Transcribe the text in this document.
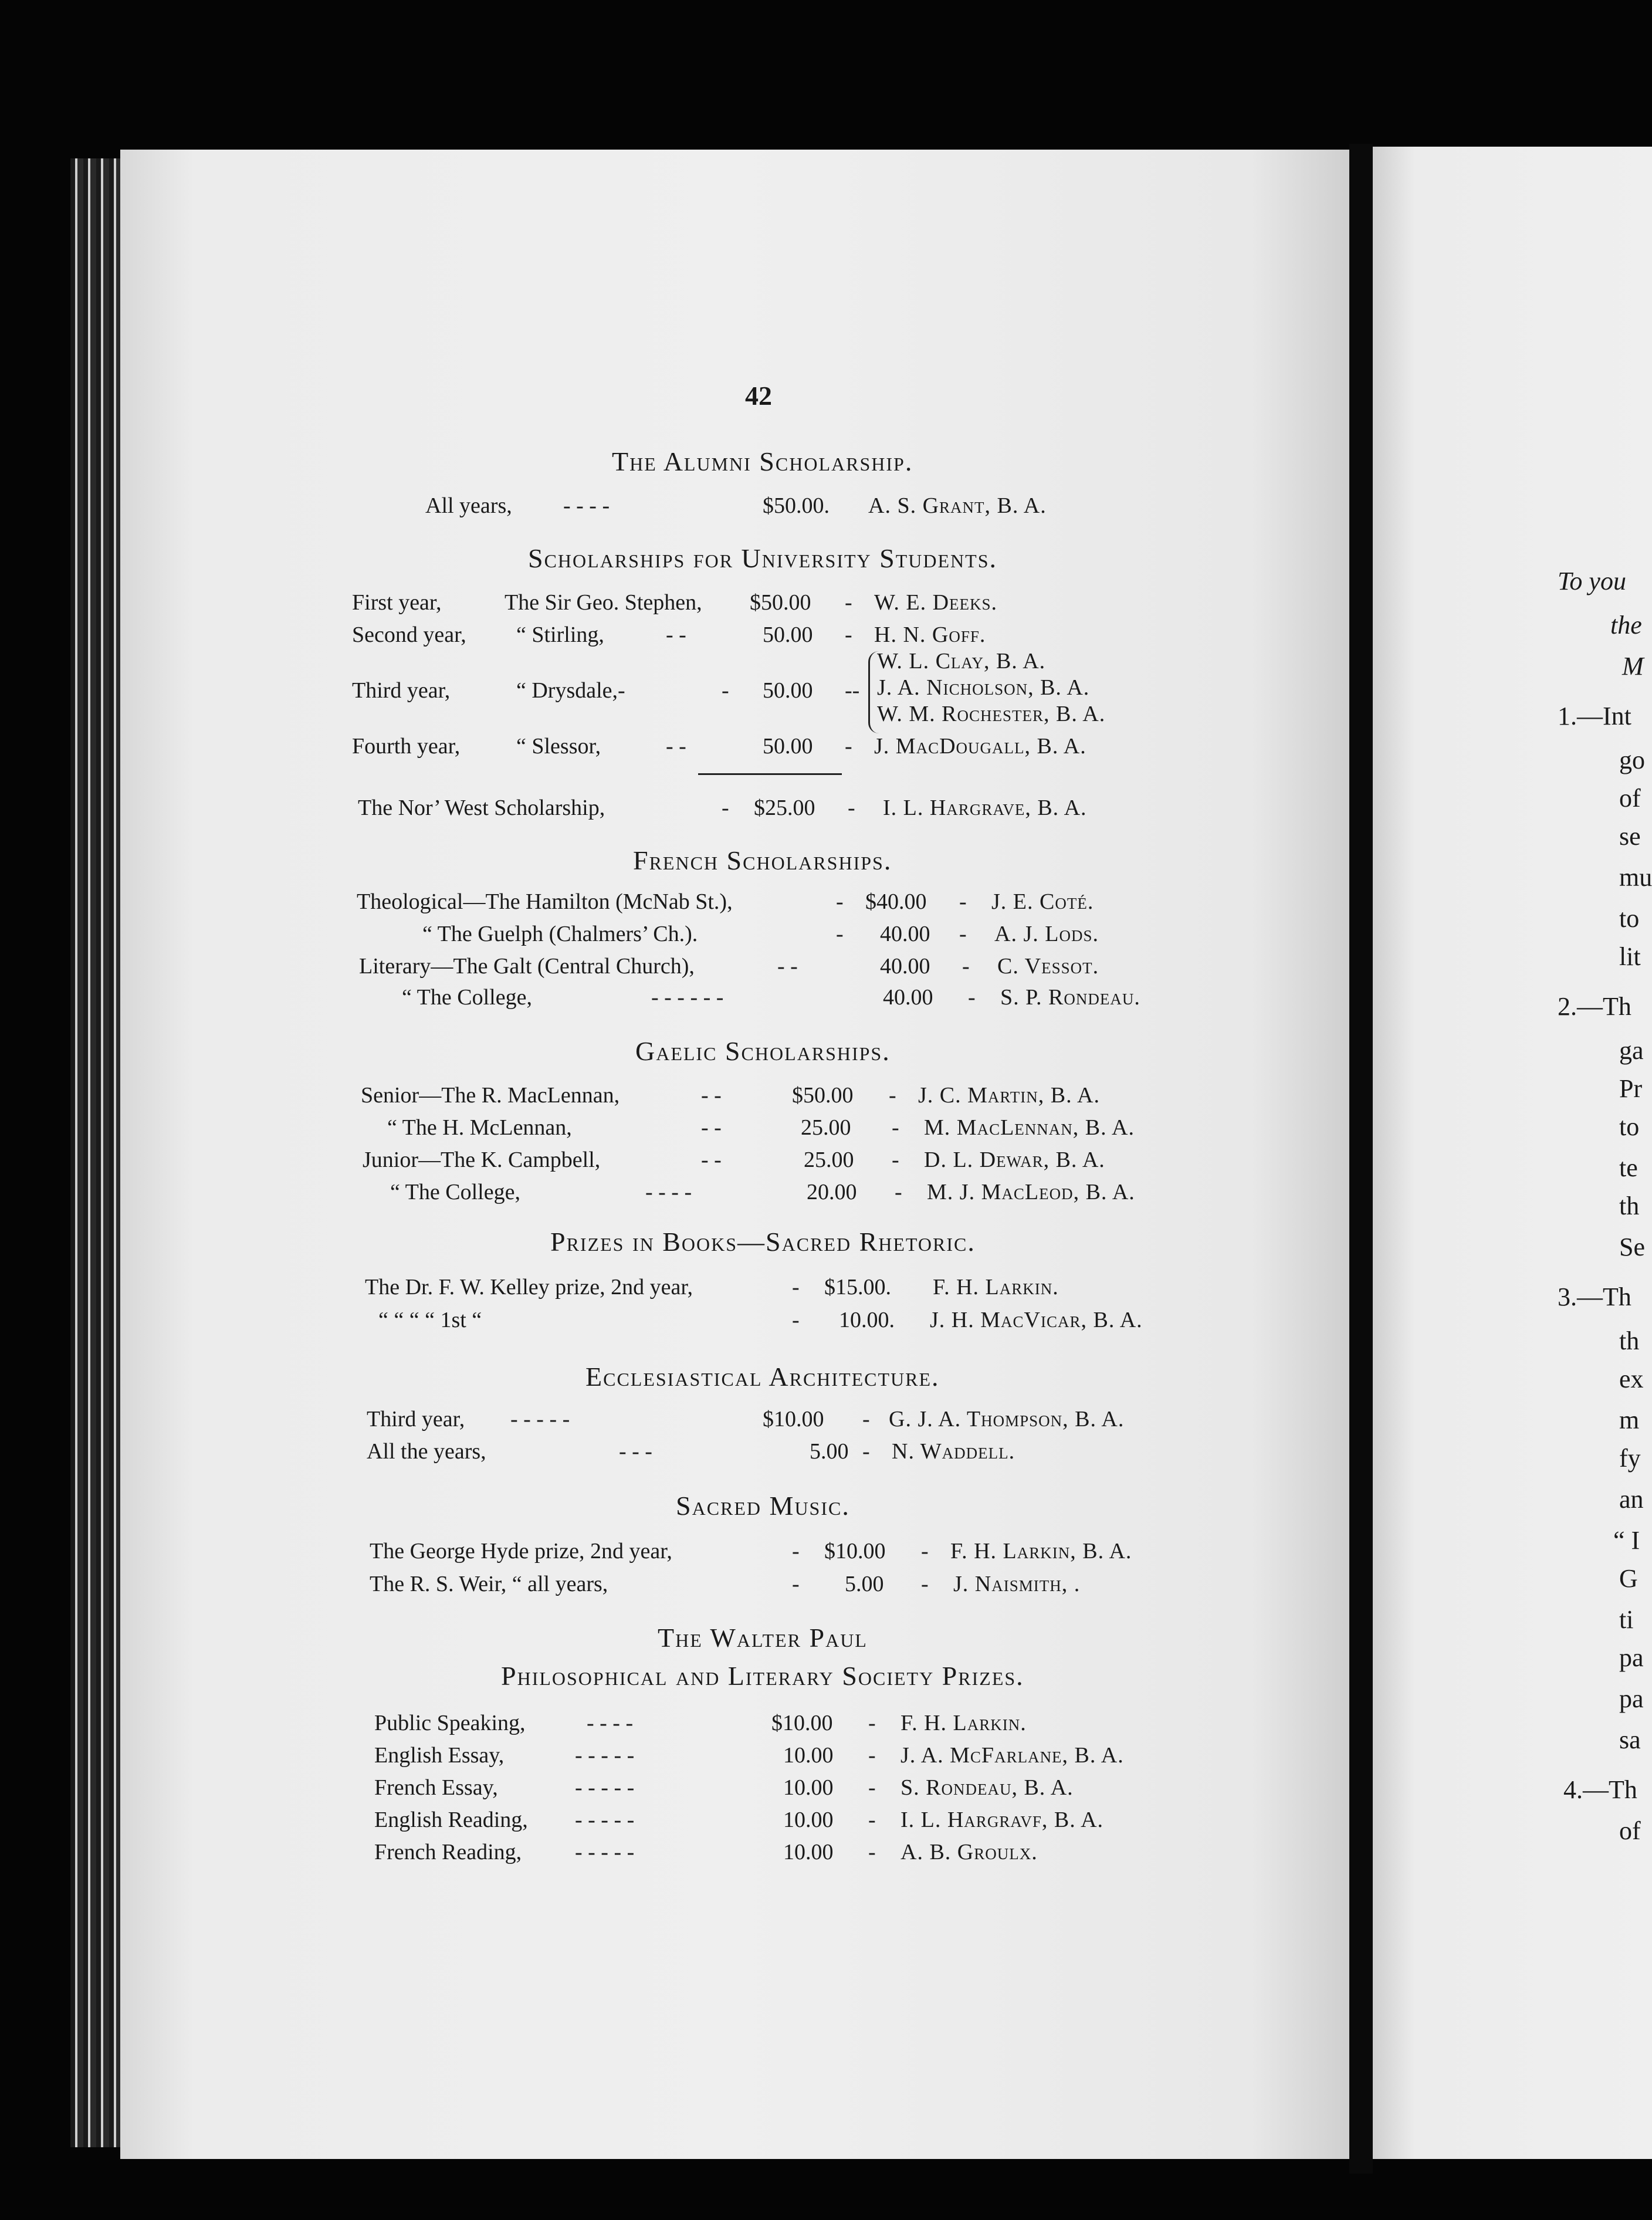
42
The Alumni Scholarship.
All years, - - - -	$50.00. A. S. Grant, B. A.
Scholarships for University Students.
First year,	The Sir Geo. Stephen, $50.00 - W. E. Deeks.
Second year, “ Stirling,	- -	50.00 - H. N. Goff.
Third year,	“ Drysdale,-	- 50.00 --
W. L. Clay, B. A.
J. A. Nicholson, B. A.
W. M. Rochester, B. A.
Fourth year,	“ Slessor,	- -	50.00 - J. MacDougall, B. A.
The Nor’ West Scholarship,	- $25.00 - I. L. Hargrave, B. A.
French Scholarships.
Theological—The Hamilton (McNab St.),	- $40.00 - J. E. Coté.
“ The Guelph (Chalmers’ Ch.).	- 40.00 - A. J. Lods.
Literary—The Galt (Central Church),	- -	40.00 - C. Vessot.
“ The College,	- - - - - -	40.00 - S. P. Rondeau.
Gaelic Scholarships.
Senior—The R. MacLennan,	- -	$50.00 - J. C. Martin, B. A.
“ The H. McLennan,	- -	25.00 - M. MacLennan, B. A.
Junior—The K. Campbell,	- -	25.00 - D. L. Dewar, B. A.
“ The College,	- - - -	20.00 - M. J. MacLeod, B. A.
Prizes in Books—Sacred Rhetoric.
The Dr. F. W. Kelley prize, 2nd year,	- $15.00. F. H. Larkin.
“ “ “ “ 1st “	- 10.00. J. H. MacVicar, B. A.
Ecclesiastical Architecture.
Third year, - - - - -	$10.00 - G. J. A. Thompson, B. A.
All the years,	- - -	5.00 - N. Waddell.
Sacred Music.
The George Hyde prize, 2nd year,	- $10.00 - F. H. Larkin, B. A.
The R. S. Weir, “ all years,	- 5.00 - J. Naismith, .
The Walter Paul
Philosophical and Literary Society Prizes.
Public Speaking,	- - - -	$10.00 - F. H. Larkin.
English Essay,	- - - - -	10.00 - J. A. McFarlane, B. A.
French Essay,	- - - - -	10.00 - S. Rondeau, B. A.
English Reading, - - - - -	10.00 - I. L. Hargravf, B. A.
French Reading, - - - - -	10.00 - A. B. Groulx.
To you
the
M
1.—Int
go
of
se
mu
to
lit
2.—Th
ga
Pr
to
te
th
Se
3.—Th
th
ex
m
fy
an
“ I
G
ti
pa
pa
sa
4.—Th
of
